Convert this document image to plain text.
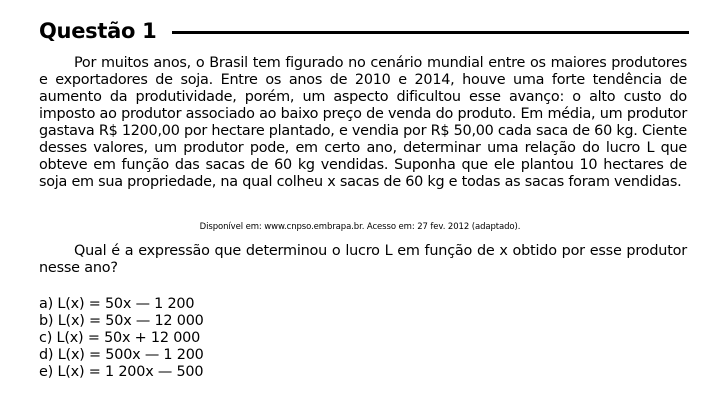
Questão 1

Por muitos anos, o Brasil tem figurado no cenário mundial entre os maiores produtores e exportadores de soja. Entre os anos de 2010 e 2014, houve uma forte tendência de aumento da produtividade, porém, um aspecto dificultou esse avanço: o alto custo do imposto ao produtor associado ao baixo preço de venda do produto. Em média, um produtor gastava R$ 1200,00 por hectare plantado, e vendia por R$ 50,00 cada saca de 60 kg. Ciente desses valores, um produtor pode, em certo ano, determinar uma relação do lucro L que obteve em função das sacas de 60 kg vendidas. Suponha que ele plantou 10 hectares de soja em sua propriedade, na qual colheu x sacas de 60 kg e todas as sacas foram vendidas.

Disponível em: www.cnpso.embrapa.br. Acesso em: 27 fev. 2012 (adaptado).

Qual é a expressão que determinou o lucro L em função de x obtido por esse produtor nesse ano?

a) L(x) = 50x — 1 200
b) L(x) = 50x — 12 000
c) L(x) = 50x + 12 000
d) L(x) = 500x — 1 200
e) L(x) = 1 200x — 500
